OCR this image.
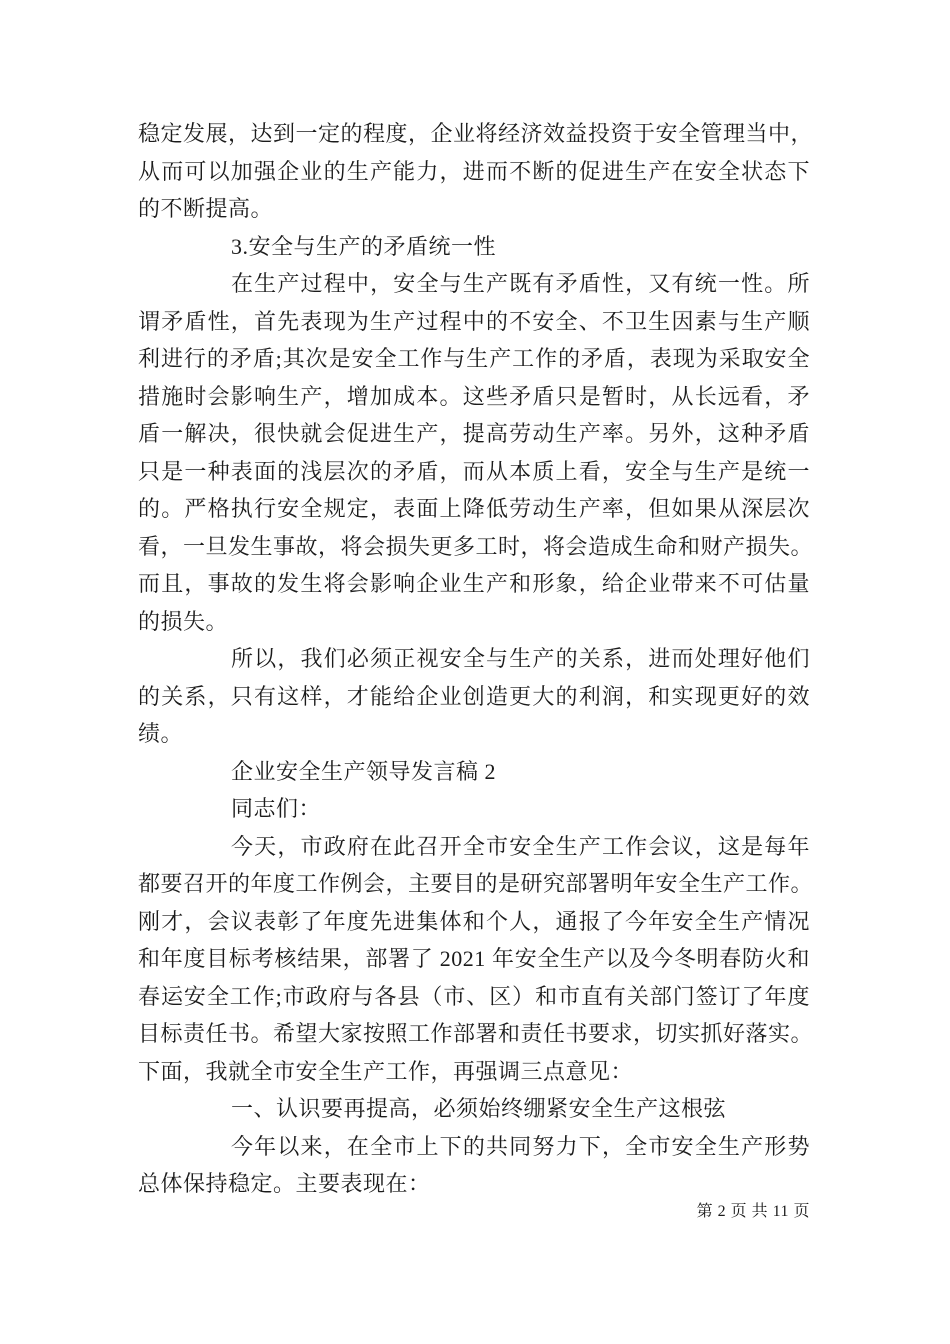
稳定发展，达到一定的程度，企业将经济效益投资于安全管理当中，
从而可以加强企业的生产能力，进而不断的促进生产在安全状态下
的不断提高。
3.安全与生产的矛盾统一性
在生产过程中，安全与生产既有矛盾性，又有统一性。所
谓矛盾性，首先表现为生产过程中的不安全、不卫生因素与生产顺
利进行的矛盾;其次是安全工作与生产工作的矛盾，表现为采取安全
措施时会影响生产，增加成本。这些矛盾只是暂时，从长远看，矛
盾一解决，很快就会促进生产，提高劳动生产率。另外，这种矛盾
只是一种表面的浅层次的矛盾，而从本质上看，安全与生产是统一
的。严格执行安全规定，表面上降低劳动生产率，但如果从深层次
看，一旦发生事故，将会损失更多工时，将会造成生命和财产损失。
而且，事故的发生将会影响企业生产和形象，给企业带来不可估量
的损失。
所以，我们必须正视安全与生产的关系，进而处理好他们
的关系，只有这样，才能给企业创造更大的利润，和实现更好的效
绩。
企业安全生产领导发言稿 2
同志们：
今天，市政府在此召开全市安全生产工作会议，这是每年
都要召开的年度工作例会，主要目的是研究部署明年安全生产工作。
刚才，会议表彰了年度先进集体和个人，通报了今年安全生产情况
和年度目标考核结果，部署了 2021 年安全生产以及今冬明春防火和
春运安全工作;市政府与各县（市、区）和市直有关部门签订了年度
目标责任书。希望大家按照工作部署和责任书要求，切实抓好落实。
下面，我就全市安全生产工作，再强调三点意见：
一、认识要再提高，必须始终绷紧安全生产这根弦
今年以来，在全市上下的共同努力下，全市安全生产形势
总体保持稳定。主要表现在：
第 2 页 共 11 页
